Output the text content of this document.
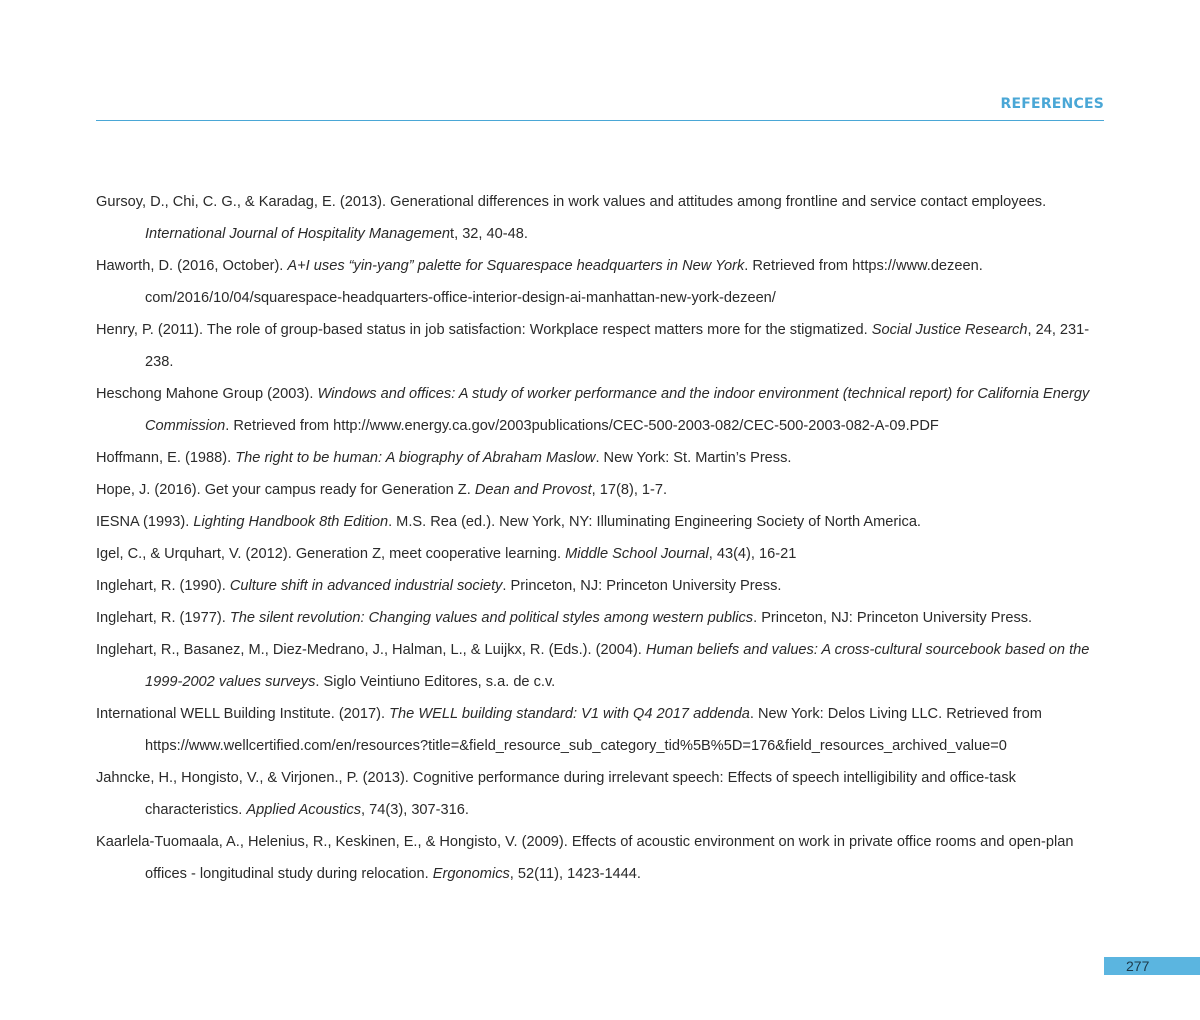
REFERENCES
Gursoy, D., Chi, C. G., & Karadag, E. (2013). Generational differences in work values and attitudes among frontline and service contact employees. International Journal of Hospitality Management, 32, 40-48.
Haworth, D. (2016, October). A+I uses “yin-yang” palette for Squarespace headquarters in New York. Retrieved from https://www.dezeen.​com/2016/10/04/squarespace-headquarters-office-interior-design-ai-manhattan-new-york-dezeen/
Henry, P. (2011). The role of group-based status in job satisfaction: Workplace respect matters more for the stigmatized. Social Justice Research, 24, 231-238.
Heschong Mahone Group (2003). Windows and offices: A study of worker performance and the indoor environment (technical report) for California Energy Commission. Retrieved from http://www.energy.ca.gov/2003publications/CEC-500-2003-082/CEC-500-2003-​082-A-09.PDF
Hoffmann, E. (1988). The right to be human: A biography of Abraham Maslow. New York: St. Martin’s Press.
Hope, J. (2016). Get your campus ready for Generation Z. Dean and Provost, 17(8), 1-7.
IESNA (1993). Lighting Handbook 8th Edition. M.S. Rea (ed.). New York, NY: Illuminating Engineering Society of North America.
Igel, C., & Urquhart, V. (2012). Generation Z, meet cooperative learning. Middle School Journal, 43(4), 16-21
Inglehart, R. (1990). Culture shift in advanced industrial society. Princeton, NJ: Princeton University Press.
Inglehart, R. (1977). The silent revolution: Changing values and political styles among western publics. Princeton, NJ: Princeton University Press.
Inglehart, R., Basanez, M., Diez-Medrano, J., Halman, L., & Luijkx, R. (Eds.). (2004). Human beliefs and values: A cross-cultural sourcebook based on the 1999-2002 values surveys. Siglo Veintiuno Editores, s.a. de c.v.
International WELL Building Institute. (2017). The WELL building standard: V1 with Q4 2017 addenda. New York: Delos Living LLC. Retrieved from https://www.wellcertified.com/en/resources?title=&field_resource_sub_category_tid%5B%5D=176&field_resources_archived_value=0
Jahncke, H., Hongisto, V., & Virjonen., P. (2013). Cognitive performance during irrelevant speech: Effects of speech intelligibility and office-task characteristics. Applied Acoustics, 74(3), 307-316.
Kaarlela-Tuomaala, A., Helenius, R., Keskinen, E., & Hongisto, V. (2009). Effects of acoustic environment on work in private office rooms and open-plan offices - longitudinal study during relocation. Ergonomics, 52(11), 1423-1444.
277
